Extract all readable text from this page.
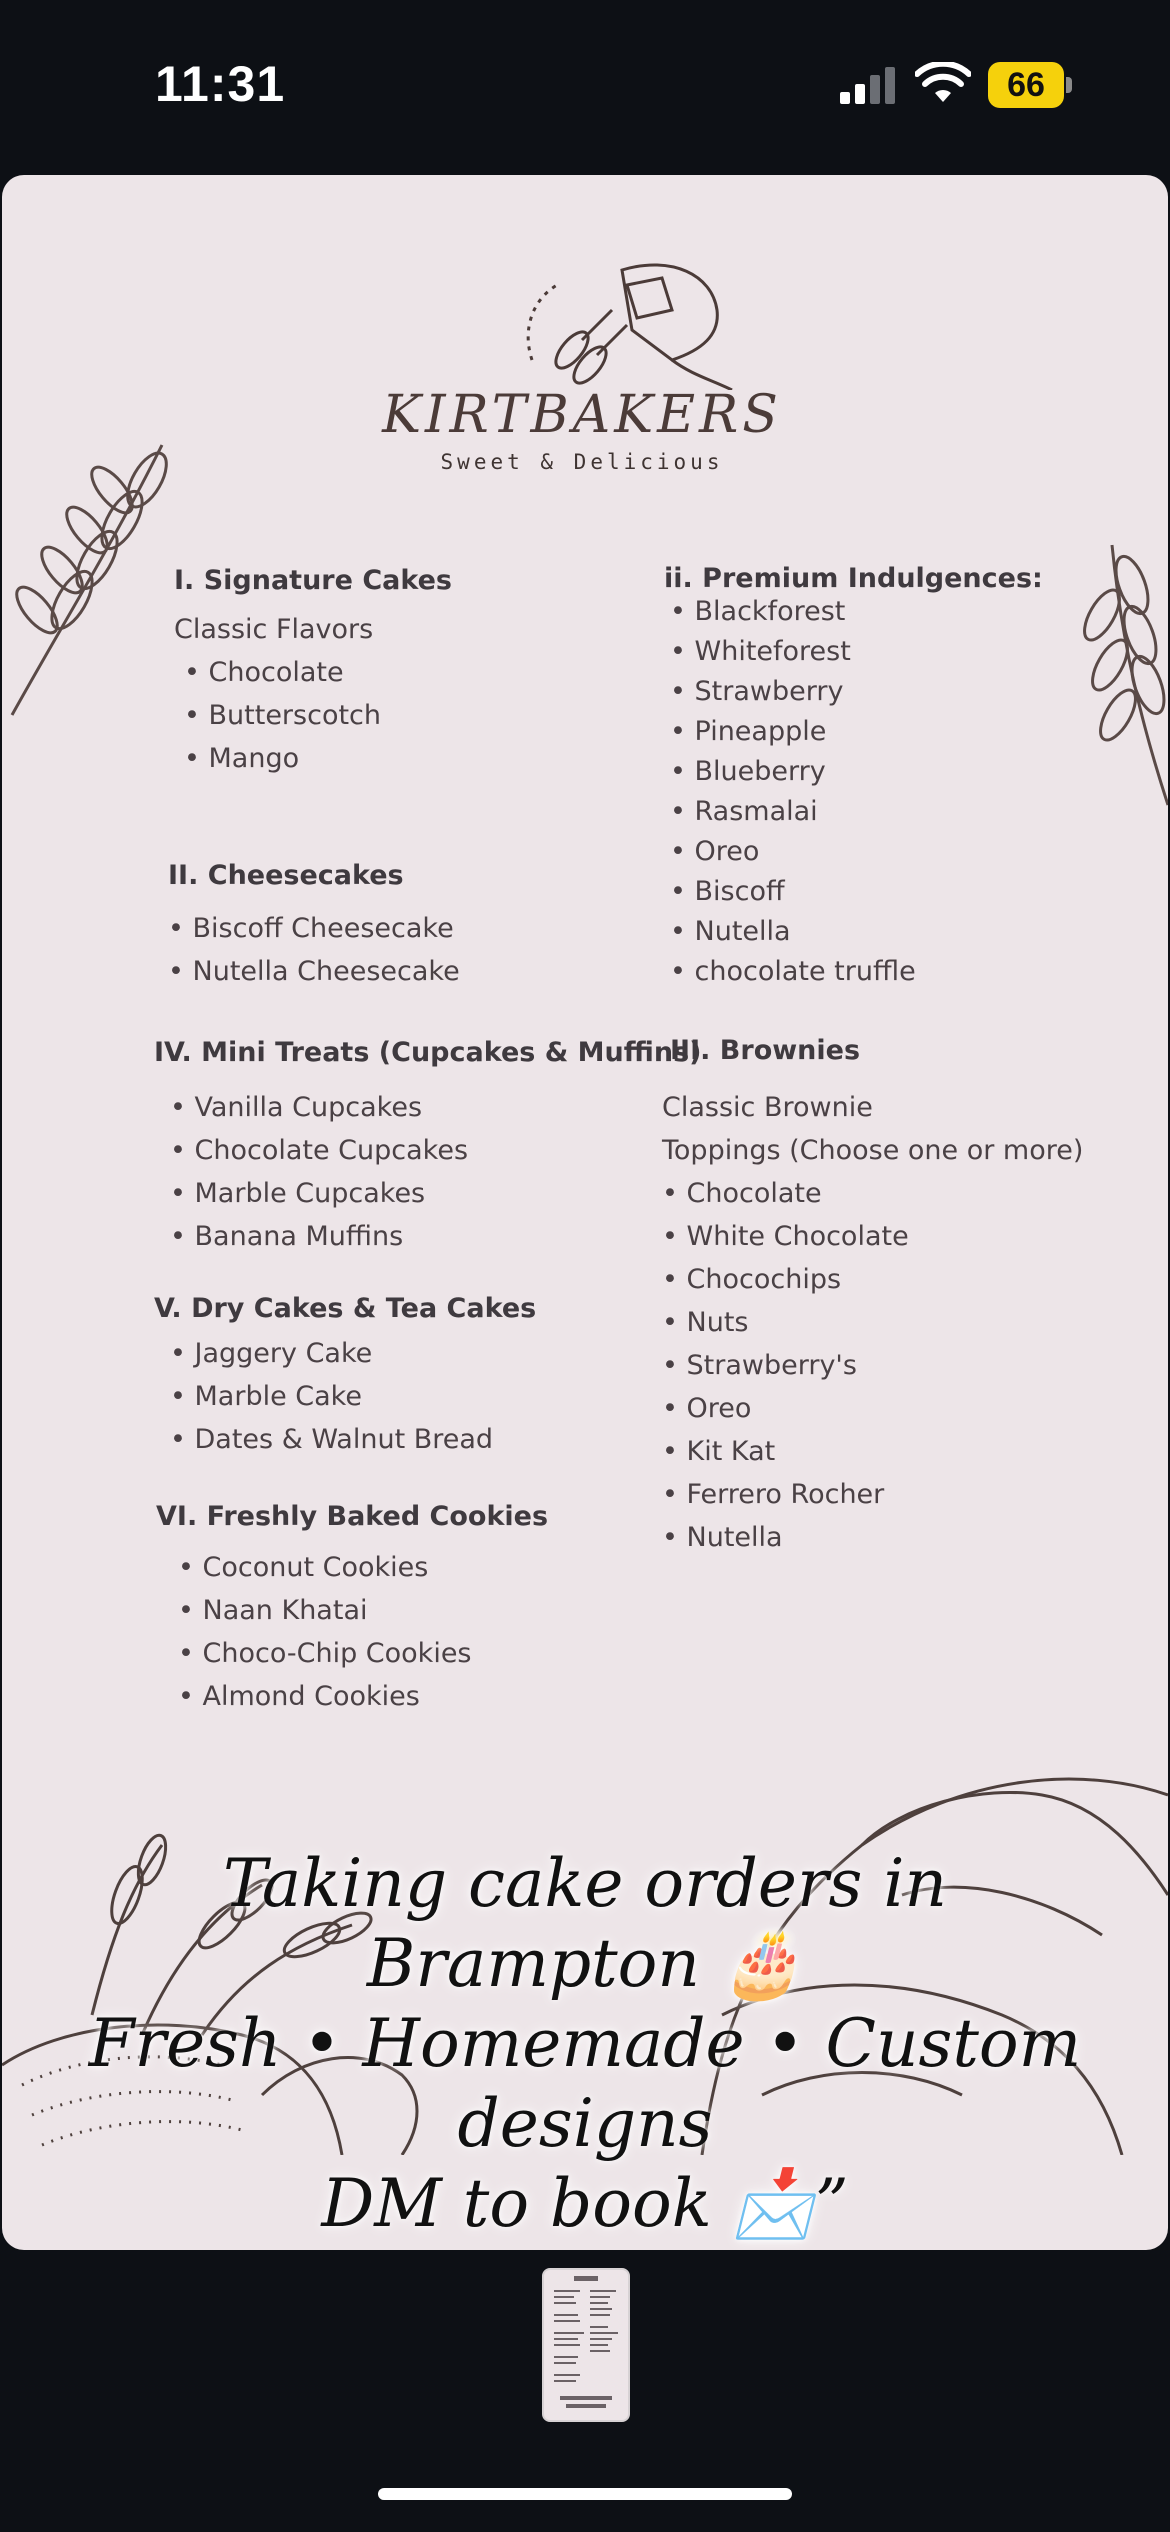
11:31	66
KIRTBAKERS
Sweet & Delicious
I. Signature Cakes
Classic Flavors
• Chocolate
• Butterscotch
• Mango
II. Cheesecakes
• Biscoff Cheesecake
• Nutella Cheesecake
IV. Mini Treats (Cupcakes & Muffins)
• Vanilla Cupcakes
• Chocolate Cupcakes
• Marble Cupcakes
• Banana Muffins
V. Dry Cakes & Tea Cakes
• Jaggery Cake
• Marble Cake
• Dates & Walnut Bread
VI. Freshly Baked Cookies
• Coconut Cookies
• Naan Khatai
• Choco-Chip Cookies
• Almond Cookies
ii. Premium Indulgences:
• Blackforest
• Whiteforest
• Strawberry
• Pineapple
• Blueberry
• Rasmalai
• Oreo
• Biscoff
• Nutella
• chocolate truffle
III. Brownies
Classic Brownie
Toppings (Choose one or more)
• Chocolate
• White Chocolate
• Chocochips
• Nuts
• Strawberry's
• Oreo
• Kit Kat
• Ferrero Rocher
• Nutella
Taking cake orders in
Brampton 🎂
Fresh • Homemade • Custom
designs
DM to book 📩”
